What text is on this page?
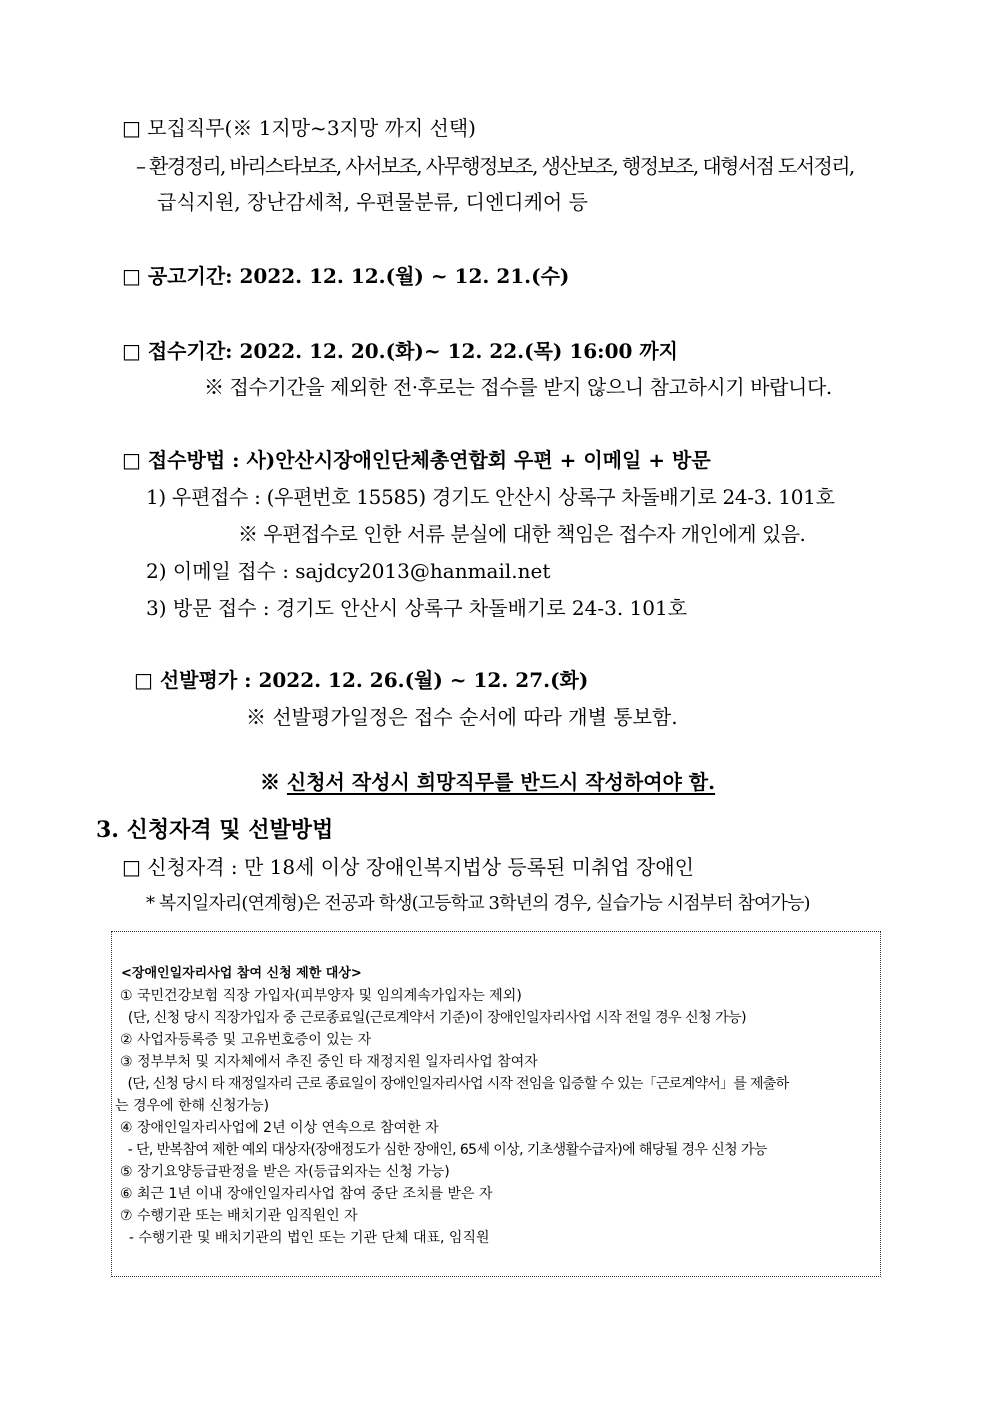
□ 모집직무(※ 1지망~3지망 까지 선택)
– 환경정리, 바리스타보조, 사서보조, 사무행정보조, 생산보조, 행정보조, 대형서점 도서정리,
급식지원, 장난감세척, 우편물분류, 디엔디케어 등
□ 공고기간: 2022. 12. 12.(월) ~ 12. 21.(수)
□ 접수기간: 2022. 12. 20.(화)~ 12. 22.(목) 16:00 까지
※ 접수기간을 제외한 전·후로는 접수를 받지 않으니 참고하시기 바랍니다.
□ 접수방법 : 사)안산시장애인단체총연합회 우편 + 이메일 + 방문
1) 우편접수 : (우편번호 15585) 경기도 안산시 상록구 차돌배기로 24-3. 101호
※ 우편접수로 인한 서류 분실에 대한 책임은 접수자 개인에게 있음.
2) 이메일 접수 : sajdcy2013@hanmail.net
3) 방문 접수 : 경기도 안산시 상록구 차돌배기로 24-3. 101호
□ 선발평가 : 2022. 12. 26.(월) ~ 12. 27.(화)
※ 선발평가일정은 접수 순서에 따라 개별 통보함.

※ 신청서 작성시 희망직무를 반드시 작성하여야 함.

3. 신청자격 및 선발방법
□ 신청자격 : 만 18세 이상 장애인복지법상 등록된 미취업 장애인
* 복지일자리(연계형)은 전공과 학생(고등학교 3학년의 경우, 실습가능 시점부터 참여가능)
<장애인일자리사업 참여 신청 제한 대상>
① 국민건강보험 직장 가입자(피부양자 및 임의계속가입자는 제외)
(단, 신청 당시 직장가입자 중 근로종료일(근로계약서 기준)이 장애인일자리사업 시작 전일 경우 신청 가능)
② 사업자등록증 및 고유번호증이 있는 자
③ 정부부처 및 지자체에서 추진 중인 타 재정지원 일자리사업 참여자
(단, 신청 당시 타 재정일자리 근로 종료일이 장애인일자리사업 시작 전임을 입증할 수 있는「근로계약서」를 제출하
는 경우에 한해 신청가능)
④ 장애인일자리사업에 2년 이상 연속으로 참여한 자
- 단, 반복참여 제한 예외 대상자(장애정도가 심한 장애인, 65세 이상, 기초생활수급자)에 해당될 경우 신청 가능
⑤ 장기요양등급판정을 받은 자(등급외자는 신청 가능)
⑥ 최근 1년 이내 장애인일자리사업 참여 중단 조치를 받은 자
⑦ 수행기관 또는 배치기관 임직원인 자
- 수행기관 및 배치기관의 법인 또는 기관 단체 대표, 임직원
